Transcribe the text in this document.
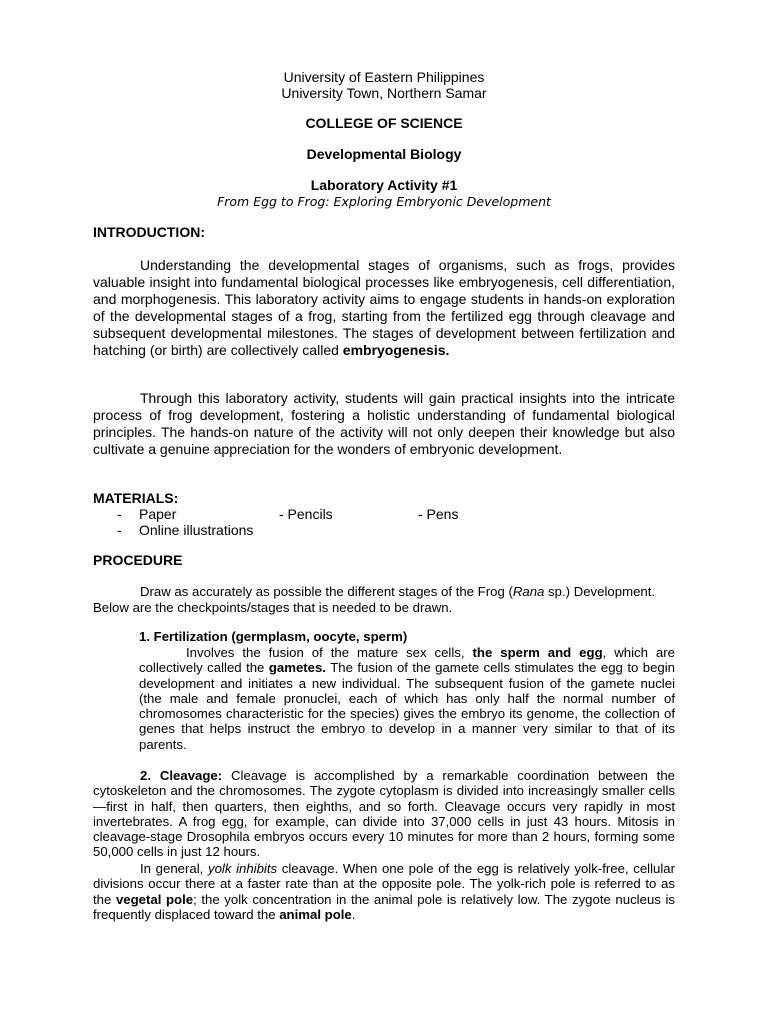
University of Eastern Philippines
University Town, Northern Samar
COLLEGE OF SCIENCE
Developmental Biology
Laboratory Activity #1
From Egg to Frog: Exploring Embryonic Development
INTRODUCTION:

Understanding the developmental stages of organisms, such as frogs, provides valuable insight into fundamental biological processes like embryogenesis, cell differentiation, and morphogenesis. This laboratory activity aims to engage students in hands-on exploration of the developmental stages of a frog, starting from the fertilized egg through cleavage and subsequent developmental milestones. The stages of development between fertilization and hatching (or birth) are collectively called embryogenesis.

Through this laboratory activity, students will gain practical insights into the intricate process of frog development, fostering a holistic understanding of fundamental biological principles. The hands-on nature of the activity will not only deepen their knowledge but also cultivate a genuine appreciation for the wonders of embryonic development.

MATERIALS:
- Paper	- Pencils	- Pens
- Online illustrations
PROCEDURE

Draw as accurately as possible the different stages of the Frog (Rana sp.) Development. Below are the checkpoints/stages that is needed to be drawn.

1. Fertilization (germplasm, oocyte, sperm)

Involves the fusion of the mature sex cells, the sperm and egg, which are collectively called the gametes. The fusion of the gamete cells stimulates the egg to begin development and initiates a new individual. The subsequent fusion of the gamete nuclei (the male and female pronuclei, each of which has only half the normal number of chromosomes characteristic for the species) gives the embryo its genome, the collection of genes that helps instruct the embryo to develop in a manner very similar to that of its parents.

2. Cleavage: Cleavage is accomplished by a remarkable coordination between the cytoskeleton and the chromosomes. The zygote cytoplasm is divided into increasingly smaller cells—first in half, then quarters, then eighths, and so forth. Cleavage occurs very rapidly in most invertebrates. A frog egg, for example, can divide into 37,000 cells in just 43 hours. Mitosis in cleavage-stage Drosophila embryos occurs every 10 minutes for more than 2 hours, forming some 50,000 cells in just 12 hours.

In general, yolk inhibits cleavage. When one pole of the egg is relatively yolk-free, cellular divisions occur there at a faster rate than at the opposite pole. The yolk-rich pole is referred to as the vegetal pole; the yolk concentration in the animal pole is relatively low. The zygote nucleus is frequently displaced toward the animal pole.
